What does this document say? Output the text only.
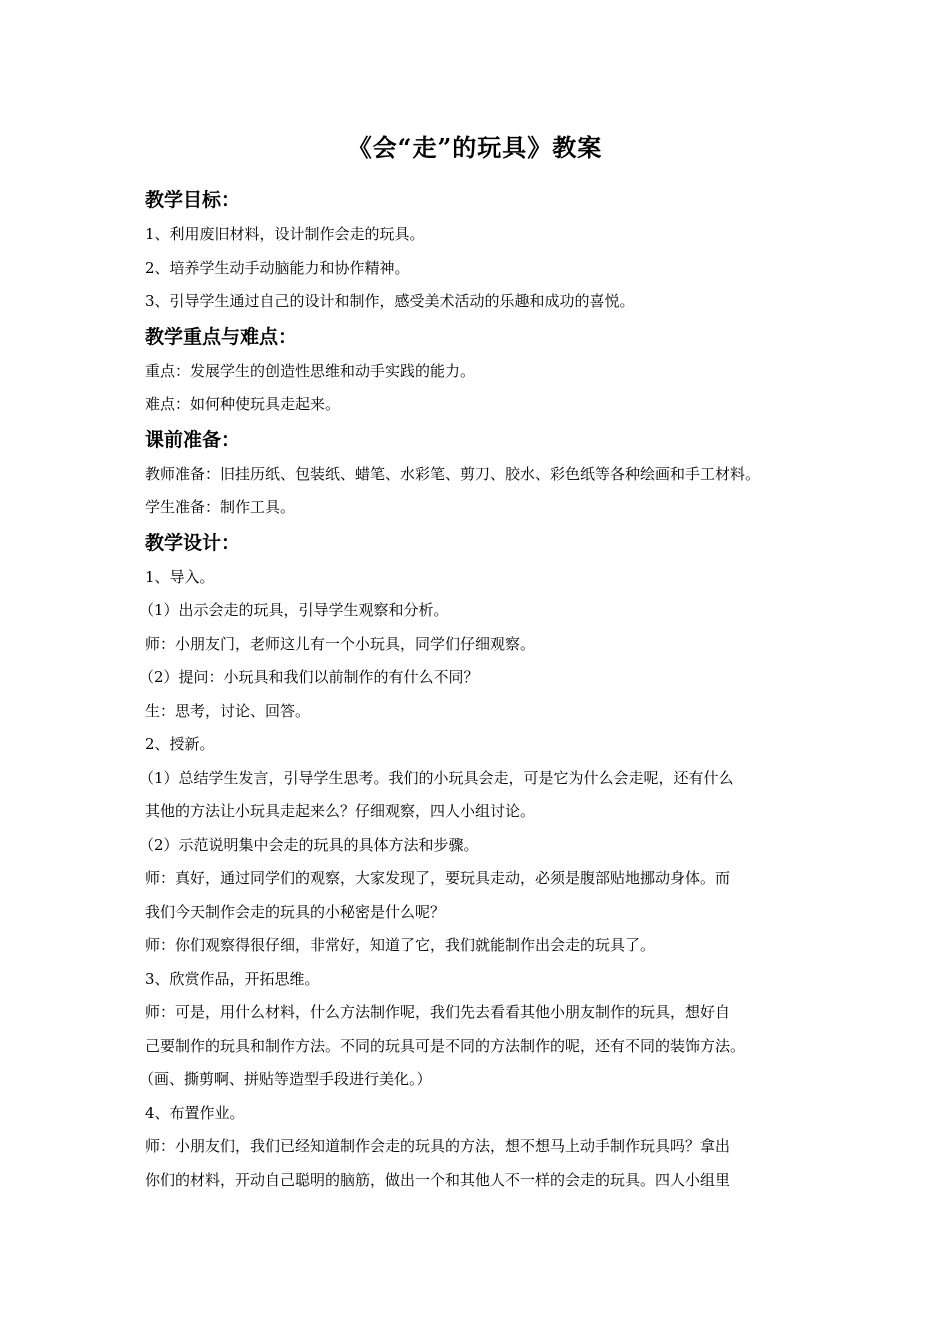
《会“走”的玩具》教案
教学目标：
1、利用废旧材料，设计制作会走的玩具。
2、培养学生动手动脑能力和协作精神。
3、引导学生通过自己的设计和制作，感受美术活动的乐趣和成功的喜悦。
教学重点与难点：
重点：发展学生的创造性思维和动手实践的能力。
难点：如何种使玩具走起来。
课前准备：
教师准备：旧挂历纸、包装纸、蜡笔、水彩笔、剪刀、胶水、彩色纸等各种绘画和手工材料。
学生准备：制作工具。
教学设计：
1、导入。
（1）出示会走的玩具，引导学生观察和分析。
师：小朋友门，老师这儿有一个小玩具，同学们仔细观察。
（2）提问：小玩具和我们以前制作的有什么不同？
生：思考，讨论、回答。
2、授新。
（1）总结学生发言，引导学生思考。我们的小玩具会走，可是它为什么会走呢，还有什么
其他的方法让小玩具走起来么？仔细观察，四人小组讨论。
（2）示范说明集中会走的玩具的具体方法和步骤。
师：真好，通过同学们的观察，大家发现了，要玩具走动，必须是腹部贴地挪动身体。而
我们今天制作会走的玩具的小秘密是什么呢？
师：你们观察得很仔细，非常好，知道了它，我们就能制作出会走的玩具了。
3、欣赏作品，开拓思维。
师：可是，用什么材料，什么方法制作呢，我们先去看看其他小朋友制作的玩具，想好自
己要制作的玩具和制作方法。不同的玩具可是不同的方法制作的呢，还有不同的装饰方法。
（画、撕剪啊、拼贴等造型手段进行美化。）
4、布置作业。
师：小朋友们，我们已经知道制作会走的玩具的方法，想不想马上动手制作玩具吗？拿出
你们的材料，开动自己聪明的脑筋，做出一个和其他人不一样的会走的玩具。四人小组里
